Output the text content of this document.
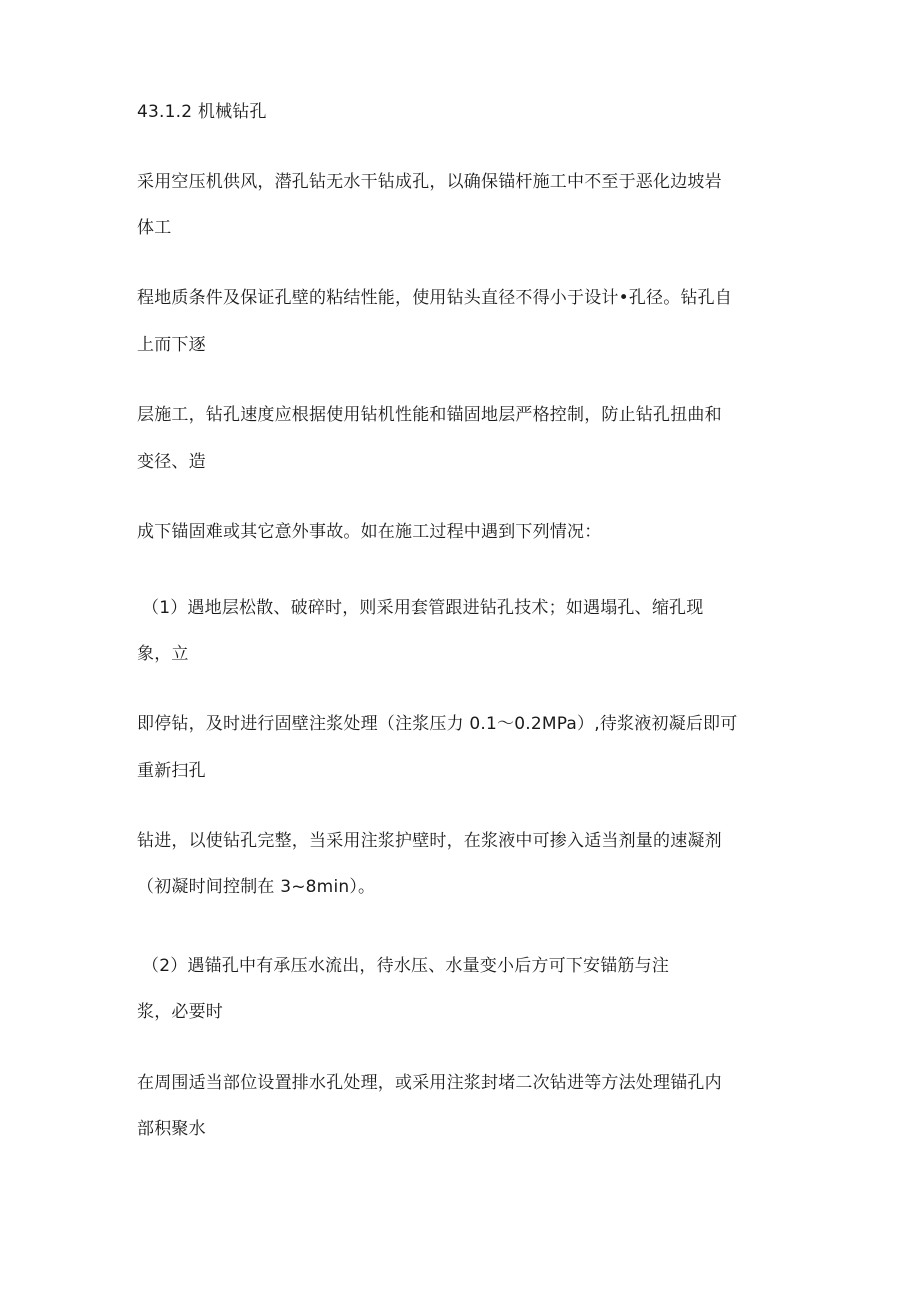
43.1.2 机械钻孔
采用空压机供风，潜孔钻无水干钻成孔，以确保锚杆施工中不至于恶化边坡岩
体工
程地质条件及保证孔壁的粘结性能，使用钻头直径不得小于设计•孔径。钻孔自
上而下逐
层施工，钻孔速度应根据使用钻机性能和锚固地层严格控制，防止钻孔扭曲和
变径、造
成下锚固难或其它意外事故。如在施工过程中遇到下列情况：
（1）遇地层松散、破碎时，则采用套管跟进钻孔技术；如遇塌孔、缩孔现
象，立
即停钻，及时进行固壁注浆处理（注浆压力 0.1～0.2MPa）,待浆液初凝后即可
重新扫孔
钻进，以使钻孔完整，当采用注浆护壁时，在浆液中可掺入适当剂量的速凝剂
（初凝时间控制在 3~8min）。
（2）遇锚孔中有承压水流出，待水压、水量变小后方可下安锚筋与注
浆，必要时
在周围适当部位设置排水孔处理，或采用注浆封堵二次钻进等方法处理锚孔内
部积聚水
